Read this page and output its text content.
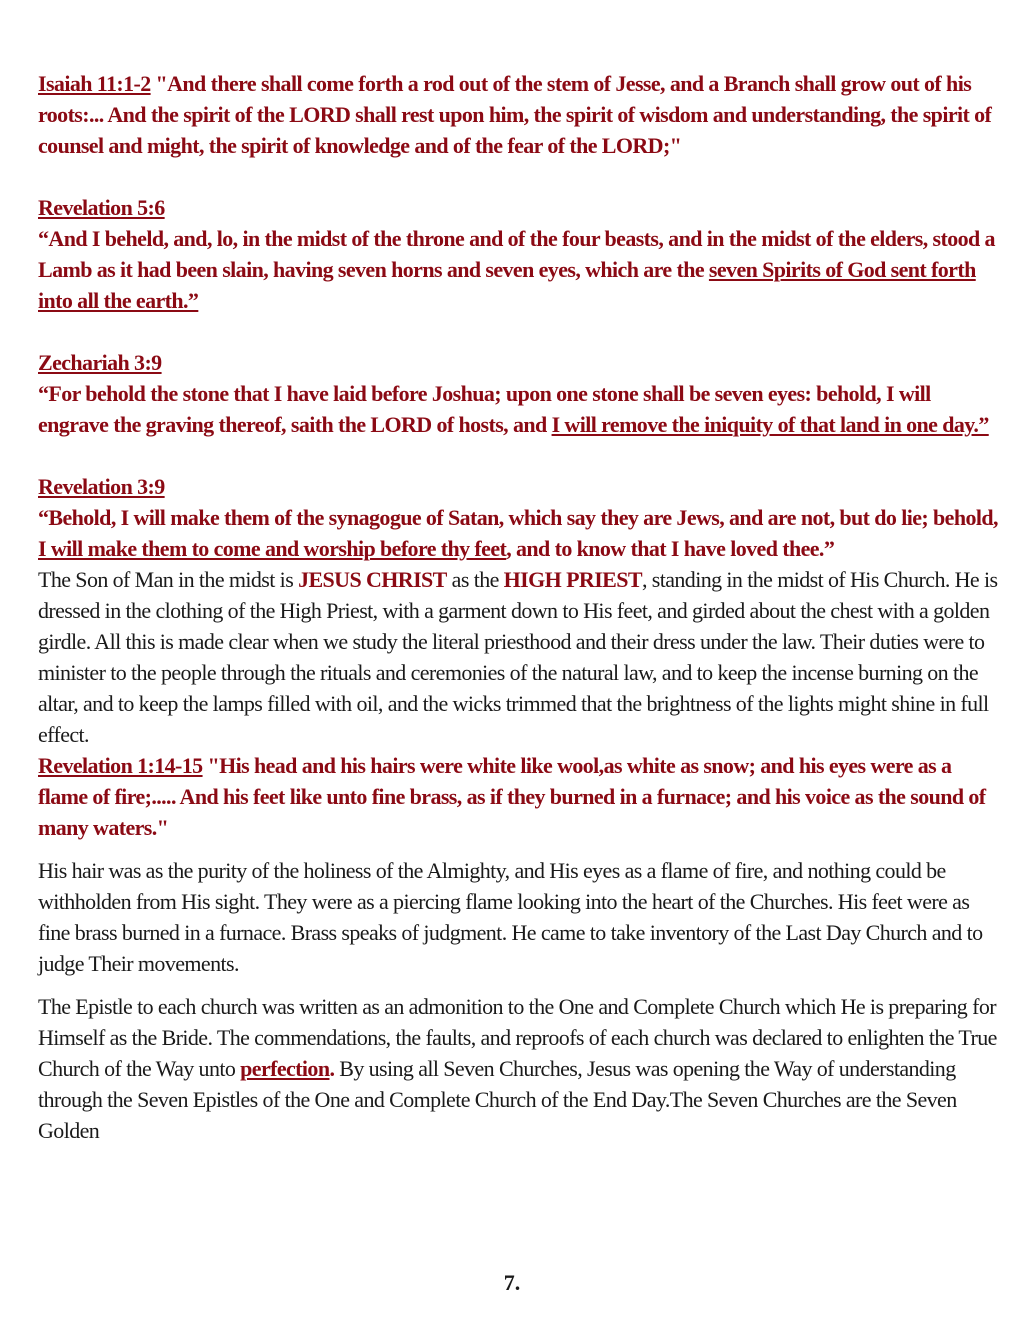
Isaiah 11:1-2 "And there shall come forth a rod out of the stem of Jesse, and a Branch shall grow out of his roots:... And the spirit of the LORD shall rest upon him, the spirit of wisdom and understanding, the spirit of counsel and might, the spirit of knowledge and of the fear of the LORD;"

Revelation 5:6
“And I beheld, and, lo, in the midst of the throne and of the four beasts, and in the midst of the elders, stood a Lamb as it had been slain, having seven horns and seven eyes, which are the seven Spirits of God sent forth into all the earth.”

Zechariah 3:9
“For behold the stone that I have laid before Joshua; upon one stone shall be seven eyes: behold, I will engrave the graving thereof, saith the LORD of hosts, and I will remove the iniquity of that land in one day.”

Revelation 3:9
“Behold, I will make them of the synagogue of Satan, which say they are Jews, and are not, but do lie; behold, I will make them to come and worship before thy feet, and to know that I have loved thee.”

The Son of Man in the midst is JESUS CHRIST as the HIGH PRIEST, standing in the midst of His Church. He is dressed in the clothing of the High Priest, with a garment down to His feet, and girded about the chest with a golden girdle. All this is made clear when we study the literal priesthood and their dress under the law. Their duties were to minister to the people through the rituals and ceremonies of the natural law, and to keep the incense burning on the altar, and to keep the lamps filled with oil, and the wicks trimmed that the brightness of the lights might shine in full effect.

Revelation 1:14-15 "His head and his hairs were white like wool,as white as snow; and his eyes were as a flame of fire;..... And his feet like unto fine brass, as if they burned in a furnace; and his voice as the sound of many waters."

His hair was as the purity of the holiness of the Almighty, and His eyes as a flame of fire, and nothing could be withholden from His sight. They were as a piercing flame looking into the heart of the Churches. His feet were as fine brass burned in a furnace. Brass speaks of judgment. He came to take inventory of the Last Day Church and to judge Their movements.

The Epistle to each church was written as an admonition to the One and Complete Church which He is preparing for Himself as the Bride. The commendations, the faults, and reproofs of each church was declared to enlighten the True Church of the Way unto perfection. By using all Seven Churches, Jesus was opening the Way of understanding through the Seven Epistles of the One and Complete Church of the End Day.The Seven Churches are the Seven Golden

7.
